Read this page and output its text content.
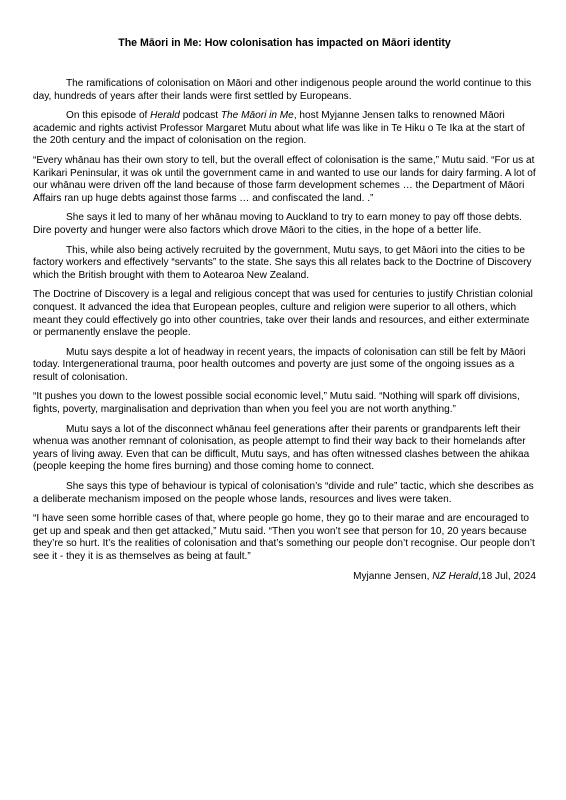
The Māori in Me: How colonisation has impacted on Māori identity

The ramifications of colonisation on Māori and other indigenous people around the world continue to this day, hundreds of years after their lands were first settled by Europeans.

On this episode of Herald podcast The Māori in Me, host Myjanne Jensen talks to renowned Māori academic and rights activist Professor Margaret Mutu about what life was like in Te Hiku o Te Ika at the start of the 20th century and the impact of colonisation on the region.

“Every whānau has their own story to tell, but the overall effect of colonisation is the same,” Mutu said. “For us at Karikari Peninsular, it was ok until the government came in and wanted to use our lands for dairy farming. A lot of our whānau were driven off the land because of those farm development schemes … the Department of Māori Affairs ran up huge debts against those farms … and confiscated the land. .”

She says it led to many of her whānau moving to Auckland to try to earn money to pay off those debts. Dire poverty and hunger were also factors which drove Māori to the cities, in the hope of a better life.

This, while also being actively recruited by the government, Mutu says, to get Māori into the cities to be factory workers and effectively “servants” to the state. She says this all relates back to the Doctrine of Discovery which the British brought with them to Aotearoa New Zealand.

The Doctrine of Discovery is a legal and religious concept that was used for centuries to justify Christian colonial conquest. It advanced the idea that European peoples, culture and religion were superior to all others, which meant they could effectively go into other countries, take over their lands and resources, and either exterminate or permanently enslave the people.

Mutu says despite a lot of headway in recent years, the impacts of colonisation can still be felt by Māori today. Intergenerational trauma, poor health outcomes and poverty are just some of the ongoing issues as a result of colonisation.

“It pushes you down to the lowest possible social economic level,” Mutu said. “Nothing will spark off divisions, fights, poverty, marginalisation and deprivation than when you feel you are not worth anything.”

Mutu says a lot of the disconnect whānau feel generations after their parents or grandparents left their whenua was another remnant of colonisation, as people attempt to find their way back to their homelands after years of living away. Even that can be difficult, Mutu says, and has often witnessed clashes between the ahikaa (people keeping the home fires burning) and those coming home to connect.

She says this type of behaviour is typical of colonisation’s “divide and rule” tactic, which she describes as a deliberate mechanism imposed on the people whose lands, resources and lives were taken.

“I have seen some horrible cases of that, where people go home, they go to their marae and are encouraged to get up and speak and then get attacked,” Mutu said. “Then you won’t see that person for 10, 20 years because they’re so hurt. It’s the realities of colonisation and that’s something our people don’t recognise. Our people don’t see it - they it is as themselves as being at fault.”

Myjanne Jensen, NZ Herald,18 Jul, 2024
